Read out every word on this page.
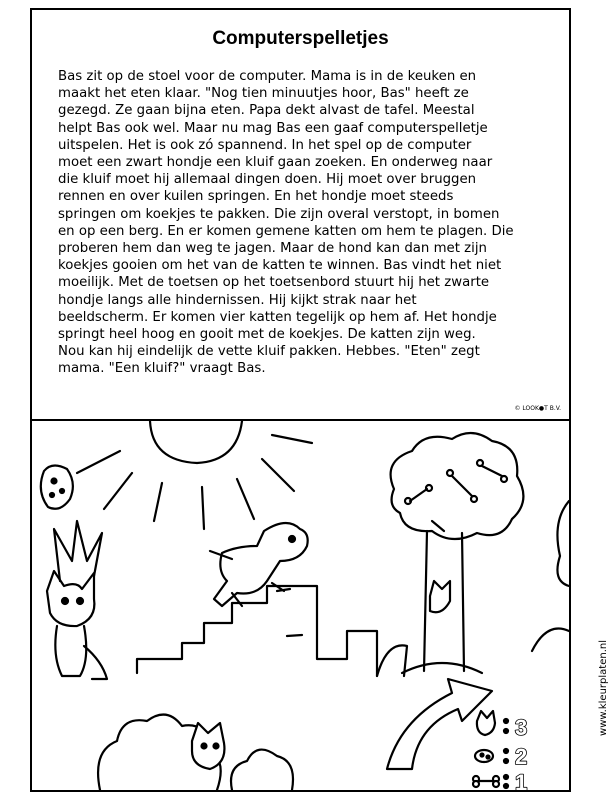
Computerspelletjes
Bas zit op de stoel voor de computer. Mama is in de keuken en
maakt het eten klaar. "Nog tien minuutjes hoor, Bas" heeft ze
gezegd. Ze gaan bijna eten. Papa dekt alvast de tafel. Meestal
helpt Bas ook wel. Maar nu mag Bas een gaaf computerspelletje
uitspelen. Het is ook zó spannend. In het spel op de computer
moet een zwart hondje een kluif gaan zoeken. En onderweg naar
die kluif moet hij allemaal dingen doen. Hij moet over bruggen
rennen en over kuilen springen. En het hondje moet steeds
springen om koekjes te pakken. Die zijn overal verstopt, in bomen
en op een berg. En er komen gemene katten om hem te plagen. Die
proberen hem dan weg te jagen. Maar de hond kan dan met zijn
koekjes gooien om het van de katten te winnen. Bas vindt het niet
moeilijk. Met de toetsen op het toetsenbord stuurt hij het zwarte
hondje langs alle hindernissen. Hij kijkt strak naar het
beeldscherm. Er komen vier katten tegelijk op hem af. Het hondje
springt heel hoog en gooit met de koekjes. De katten zijn weg.
Nou kan hij eindelijk de vette kluif pakken. Hebbes. "Eten" zegt
mama. "Een kluif?" vraagt Bas.
© LOOK●T B.V.
3
2
1
www.kleurplaten.nl
